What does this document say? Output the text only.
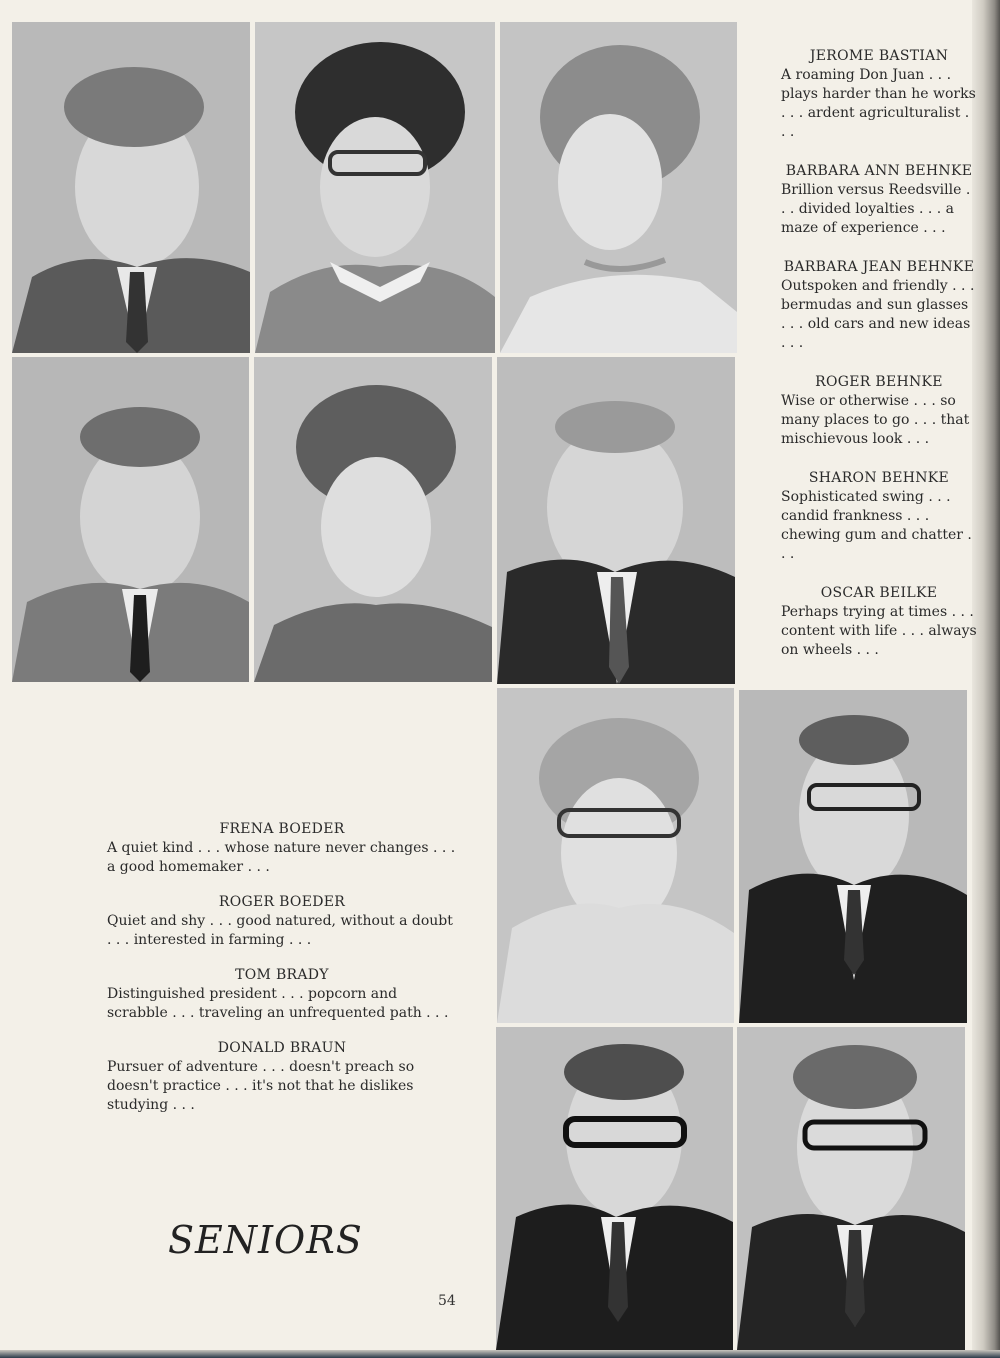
JEROME BASTIAN
A roaming Don Juan . . . plays harder than he works . . . ardent agriculturalist . . .
BARBARA ANN BEHNKE
Brillion versus Reedsville . . . divided loyalties . . . a maze of experience . . .
BARBARA JEAN BEHNKE
Outspoken and friendly . . . bermudas and sun glasses . . . old cars and new ideas . . .
ROGER BEHNKE
Wise or otherwise . . . so many places to go . . . that mischievous look . . .
SHARON BEHNKE
Sophisticated swing . . . candid frankness . . . chewing gum and chatter . . .
OSCAR BEILKE
Perhaps trying at times . . . content with life . . . always on wheels . . .
FRENA BOEDER
A quiet kind . . . whose nature never changes . . . a good homemaker . . .
ROGER BOEDER
Quiet and shy . . . good natured, without a doubt . . . interested in farming . . .
TOM BRADY
Distinguished president . . . popcorn and scrabble . . . traveling an unfrequented path . . .
DONALD BRAUN
Pursuer of adventure . . . doesn't preach so doesn't practice . . . it's not that he dislikes studying . . .
SENIORS
54
